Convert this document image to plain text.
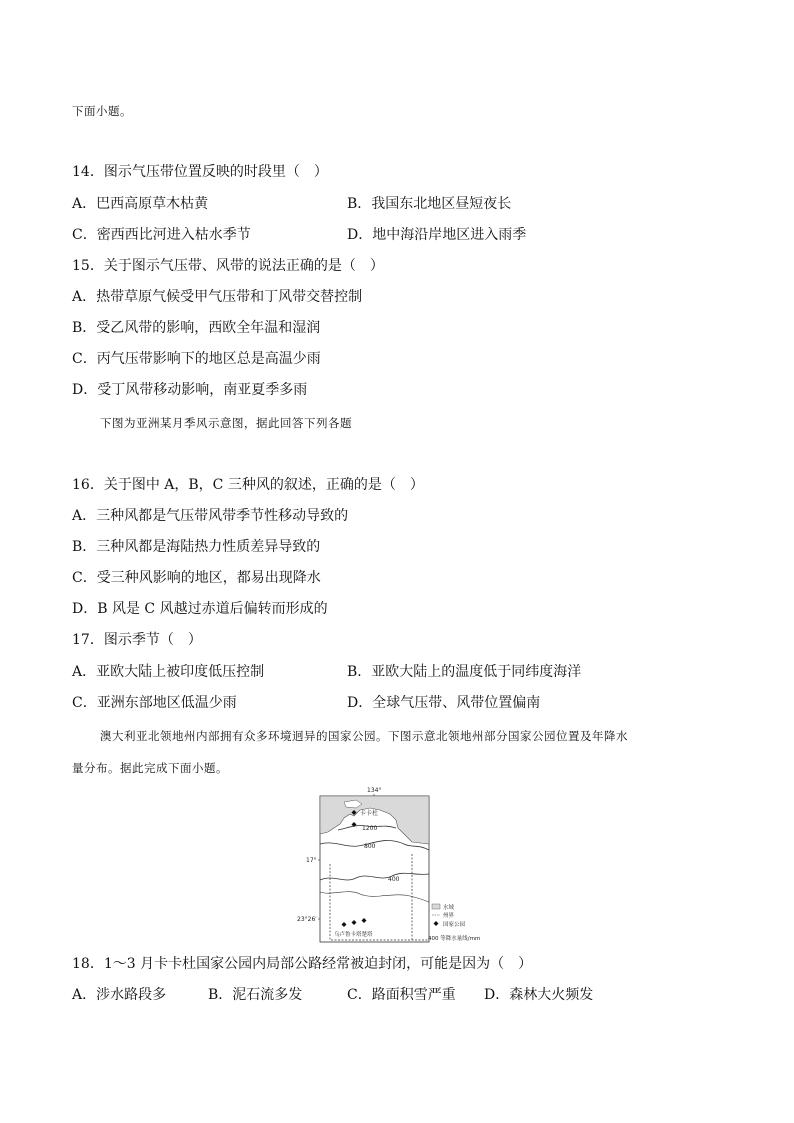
下面小题。
14．图示气压带位置反映的时段里（　）
A．巴西高原草木枯黄	B．我国东北地区昼短夜长
C．密西西比河进入枯水季节	D．地中海沿岸地区进入雨季
15．关于图示气压带、风带的说法正确的是（　）
A．热带草原气候受甲气压带和丁风带交替控制
B．受乙风带的影响，西欧全年温和湿润
C．丙气压带影响下的地区总是高温少雨
D．受丁风带移动影响，南亚夏季多雨
下图为亚洲某月季风示意图，据此回答下列各题
16．关于图中 A，B，C 三种风的叙述，正确的是（　）
A．三种风都是气压带风带季节性移动导致的
B．三种风都是海陆热力性质差异导致的
C．受三种风影响的地区，都易出现降水
D．B 风是 C 风越过赤道后偏转而形成的
17．图示季节（　）
A．亚欧大陆上被印度低压控制	B．亚欧大陆上的温度低于同纬度海洋
C．亚洲东部地区低温少雨	D．全球气压带、风带位置偏南
澳大利亚北领地州内部拥有众多环境迥异的国家公园。下图示意北领地州部分国家公园位置及年降水
量分布。据此完成下面小题。
134°
17°
23°26′
1200
800
400
卡卡杜
乌卢鲁卡塔楚塔
水域
州界
国家公园
400 等降水量线/mm
18．1～3 月卡卡杜国家公园内局部公路经常被迫封闭，可能是因为（　）
A．涉水路段多	B．泥石流多发	C．路面积雪严重 D．森林大火频发
